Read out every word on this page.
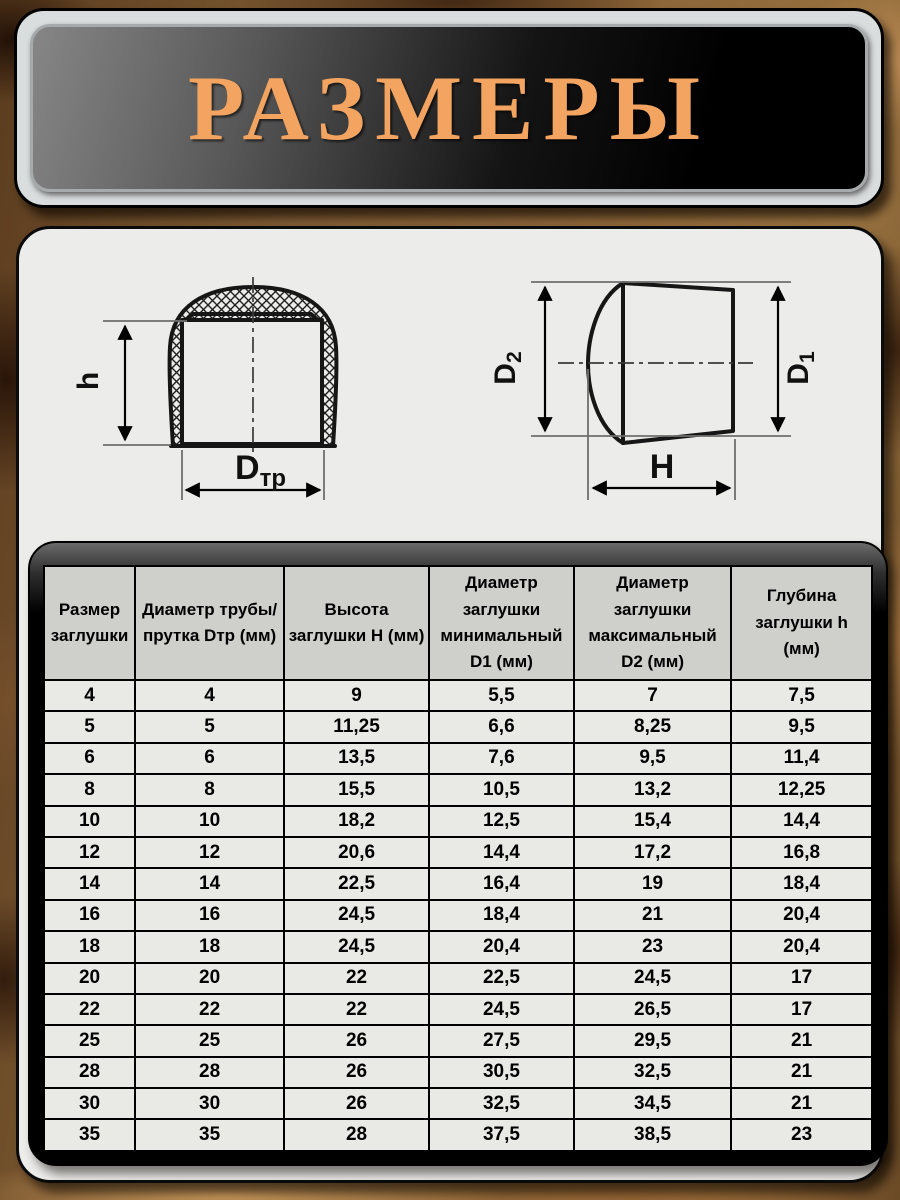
РАЗМЕРЫ
h
$D_{тр}$
$D_2$
$D_1$
H
Размер заглушки	Диаметр трубы/прутка Dтр (мм)	Высота заглушки H (мм)	Диаметр заглушки минимальный D1 (мм)	Диаметр заглушки максимальный D2 (мм)	Глубина заглушки h (мм)
4	4	9	5,5	7	7,5
5	5	11,25	6,6	8,25	9,5
6	6	13,5	7,6	9,5	11,4
8	8	15,5	10,5	13,2	12,25
10	10	18,2	12,5	15,4	14,4
12	12	20,6	14,4	17,2	16,8
14	14	22,5	16,4	19	18,4
16	16	24,5	18,4	21	20,4
18	18	24,5	20,4	23	20,4
20	20	22	22,5	24,5	17
22	22	22	24,5	26,5	17
25	25	26	27,5	29,5	21
28	28	26	30,5	32,5	21
30	30	26	32,5	34,5	21
35	35	28	37,5	38,5	23
